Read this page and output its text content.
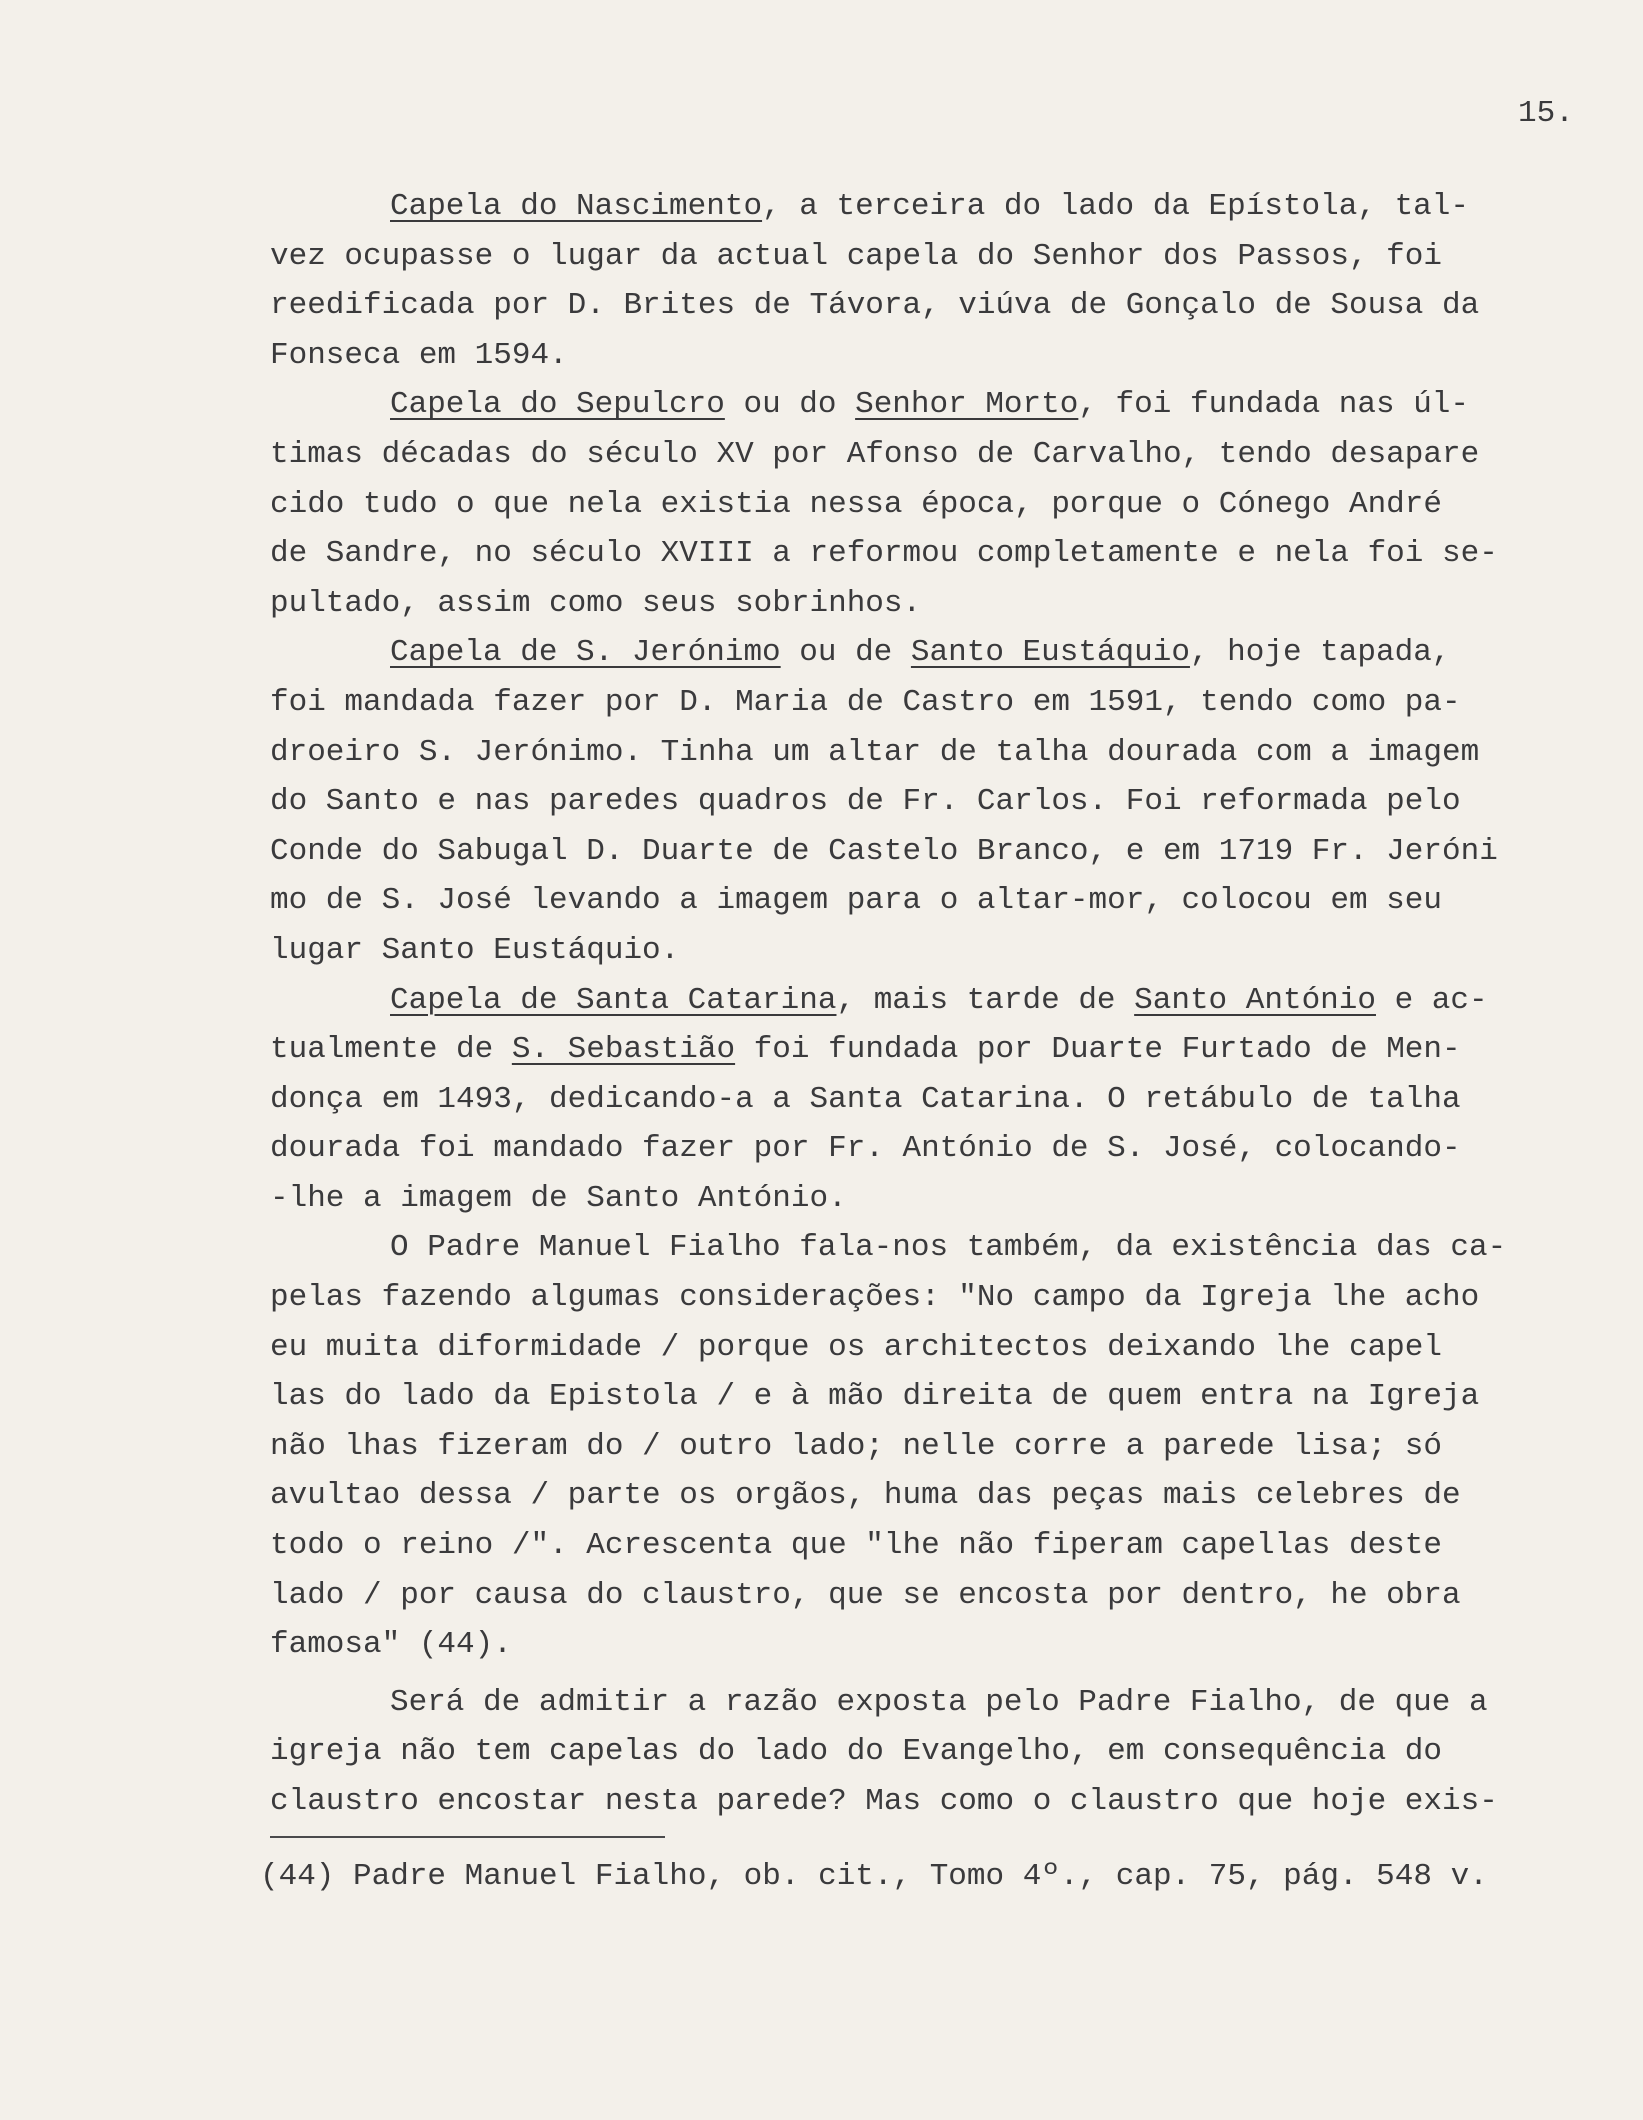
15.
Capela do Nascimento, a terceira do lado da Epístola, tal-
vez ocupasse o lugar da actual capela do Senhor dos Passos, foi
reedificada por D. Brites de Távora, viúva de Gonçalo de Sousa da
Fonseca em 1594.
Capela do Sepulcro ou do Senhor Morto, foi fundada nas úl-
timas décadas do século XV por Afonso de Carvalho, tendo desapare
cido tudo o que nela existia nessa época, porque o Cónego André
de Sandre, no século XVIII a reformou completamente e nela foi se-
pultado, assim como seus sobrinhos.
Capela de S. Jerónimo ou de Santo Eustáquio, hoje tapada,
foi mandada fazer por D. Maria de Castro em 1591, tendo como pa-
droeiro S. Jerónimo. Tinha um altar de talha dourada com a imagem
do Santo e nas paredes quadros de Fr. Carlos. Foi reformada pelo
Conde do Sabugal D. Duarte de Castelo Branco, e em 1719 Fr. Jeróni
mo de S. José levando a imagem para o altar-mor, colocou em seu
lugar Santo Eustáquio.
Capela de Santa Catarina, mais tarde de Santo António e ac-
tualmente de S. Sebastião foi fundada por Duarte Furtado de Men-
donça em 1493, dedicando-a a Santa Catarina. O retábulo de talha
dourada foi mandado fazer por Fr. António de S. José, colocando-
-lhe a imagem de Santo António.
O Padre Manuel Fialho fala-nos também, da existência das ca-
pelas fazendo algumas considerações: "No campo da Igreja lhe acho
eu muita diformidade / porque os architectos deixando lhe capel
las do lado da Epistola / e à mão direita de quem entra na Igreja
não lhas fizeram do / outro lado; nelle corre a parede lisa; só
avultao dessa / parte os orgãos, huma das peças mais celebres de
todo o reino /". Acrescenta que "lhe não fiperam capellas deste
lado / por causa do claustro, que se encosta por dentro, he obra
famosa" (44).
Será de admitir a razão exposta pelo Padre Fialho, de que a
igreja não tem capelas do lado do Evangelho, em consequência do
claustro encostar nesta parede? Mas como o claustro que hoje exis-
(44) Padre Manuel Fialho, ob. cit., Tomo 4º., cap. 75, pág. 548 v.
